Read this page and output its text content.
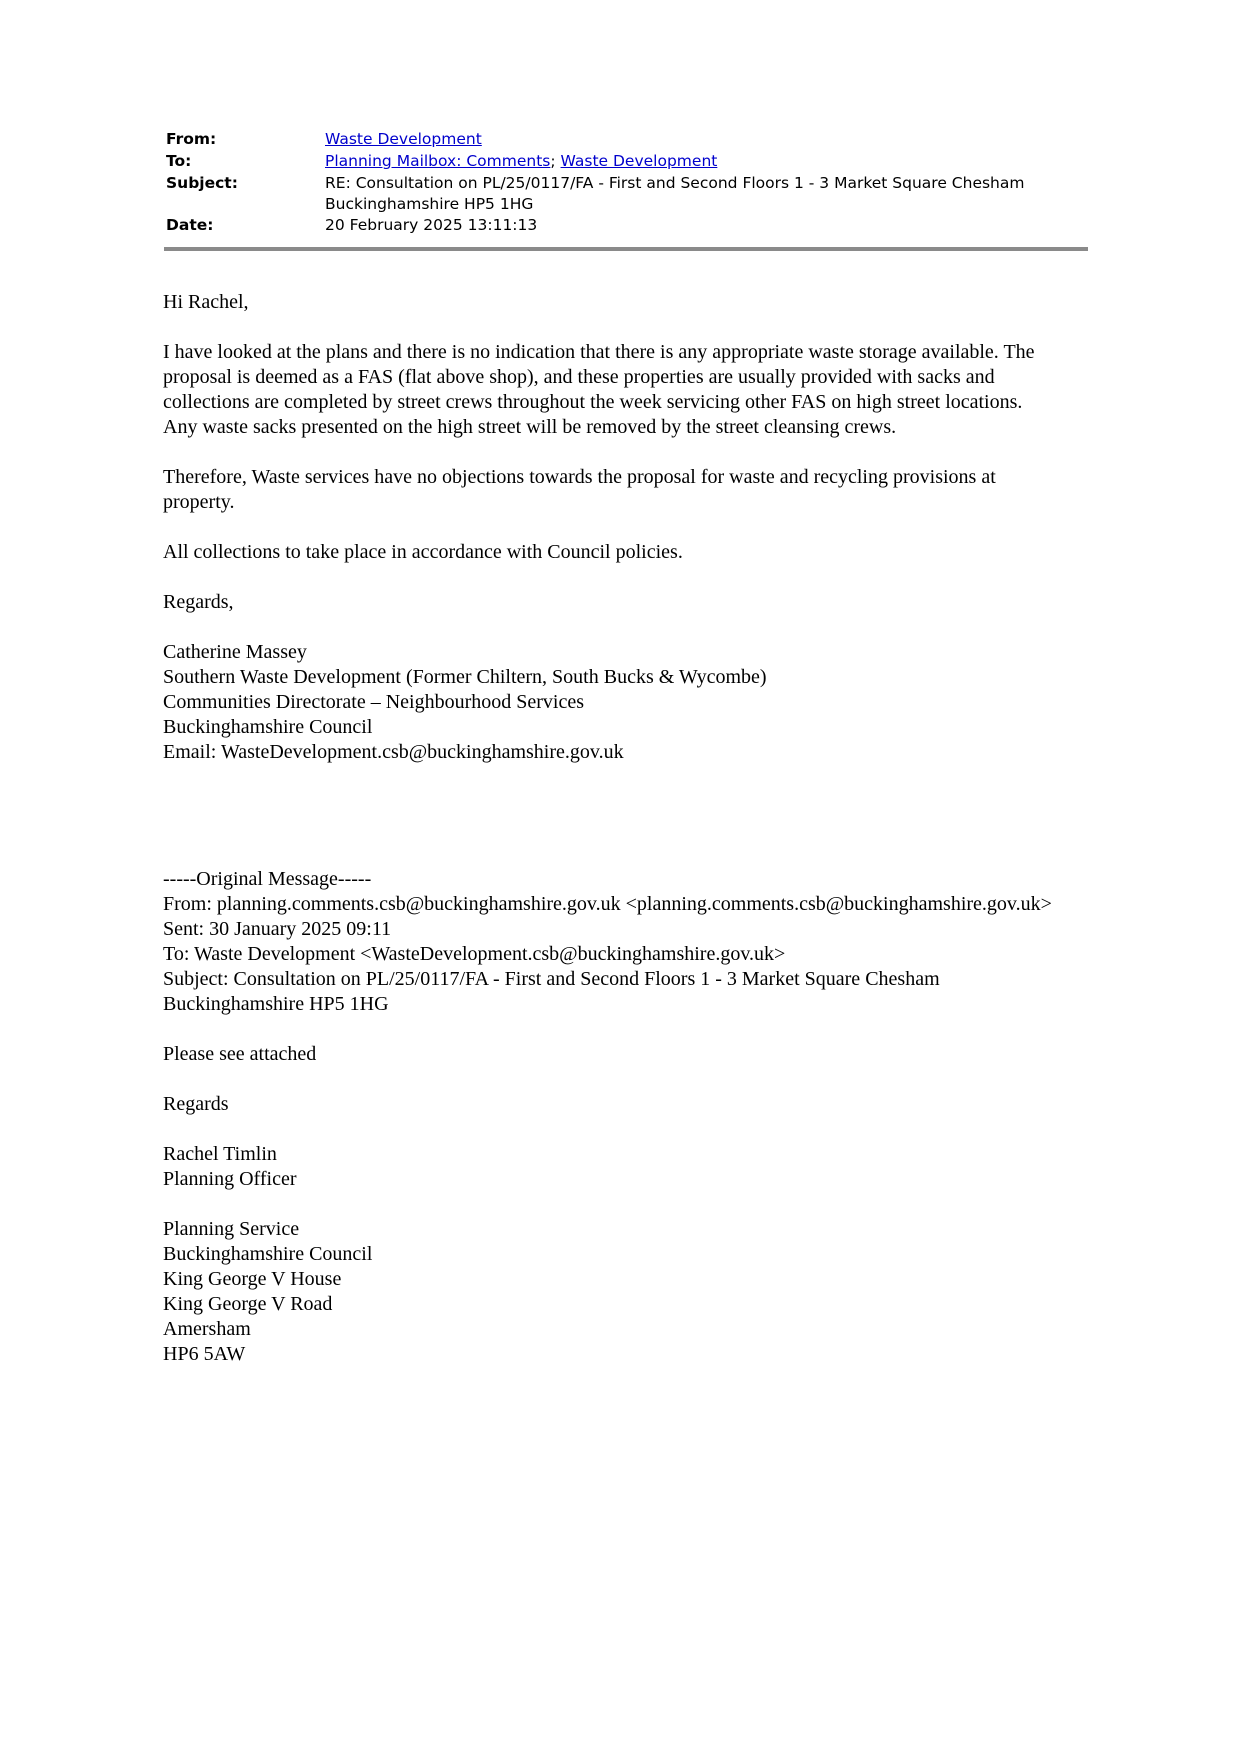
From:	Waste Development
To:	Planning Mailbox: Comments; Waste Development
Subject:	RE: Consultation on PL/25/0117/FA - First and Second Floors 1 - 3 Market Square Chesham
Buckinghamshire HP5 1HG
Date:	20 February 2025 13:11:13

Hi Rachel,

I have looked at the plans and there is no indication that there is any appropriate waste storage available. The
proposal is deemed as a FAS (flat above shop), and these properties are usually provided with sacks and
collections are completed by street crews throughout the week servicing other FAS on high street locations.
Any waste sacks presented on the high street will be removed by the street cleansing crews.

Therefore, Waste services have no objections towards the proposal for waste and recycling provisions at
property.

All collections to take place in accordance with Council policies.

Regards,

Catherine Massey
Southern Waste Development (Former Chiltern, South Bucks & Wycombe)
Communities Directorate – Neighbourhood Services
Buckinghamshire Council
Email: WasteDevelopment.csb@buckinghamshire.gov.uk

-----Original Message-----
From: planning.comments.csb@buckinghamshire.gov.uk <planning.comments.csb@buckinghamshire.gov.uk>
Sent: 30 January 2025 09:11
To: Waste Development <WasteDevelopment.csb@buckinghamshire.gov.uk>
Subject: Consultation on PL/25/0117/FA - First and Second Floors 1 - 3 Market Square Chesham
Buckinghamshire HP5 1HG

Please see attached

Regards

Rachel Timlin
Planning Officer

Planning Service
Buckinghamshire Council
King George V House
King George V Road
Amersham
HP6 5AW
